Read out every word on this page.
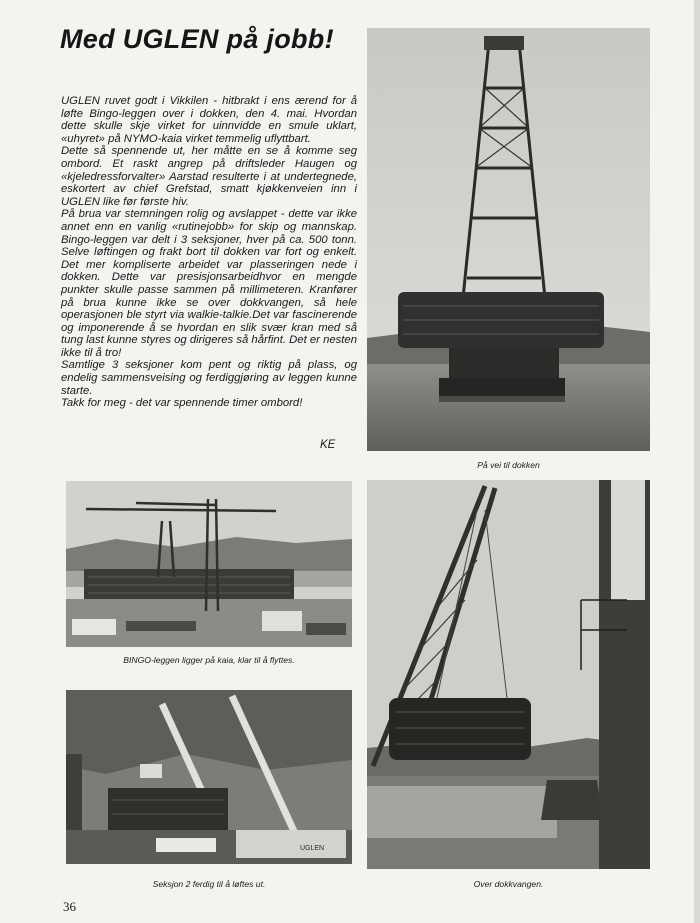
Med UGLEN på jobb!

UGLEN ruvet godt i Vikkilen - hitbrakt i ens ærend for å løfte Bingo-leggen over i dokken, den 4. mai. Hvordan dette skulle skje virket for uinnvidde en smule uklart, «uhyret» på NYMO-kaia virket temmelig uflyttbart.

Dette så spennende ut, her måtte en se å komme seg ombord. Et raskt angrep på driftsleder Haugen og «kjeledressforvalter» Aarstad resulterte i at undertegnede, eskortert av chief Grefstad, smatt kjøkkenveien inn i UGLEN like før første hiv.

På brua var stemningen rolig og avslappet - dette var ikke annet enn en vanlig «rutinejobb» for skip og mannskap. Bingo-leggen var delt i 3 seksjoner, hver på ca. 500 tonn. Selve løftingen og frakt bort til dokken var fort og enkelt. Det mer kompliserte arbeidet var plasseringen nede i dokken. Dette var presisjonsarbeidhvor en mengde punkter skulle passe sammen på millimeteren. Kranfører på brua kunne ikke se over dokkvangen, så hele operasjonen ble styrt via walkie-talkie.Det var fascinerende og imponerende å se hvordan en slik svær kran med så tung last kunne styres og dirigeres så hårfint. Det er nesten ikke til å tro!

Samtlige 3 seksjoner kom pent og riktig på plass, og endelig sammensveising og ferdiggjøring av leggen kunne starte.

Takk for meg - det var spennende timer ombord!

KE
På vei til dokken
BINGO-leggen ligger på kaia, klar til å flyttes.
UGLEN
Seksjon 2 ferdig til å løftes ut.	Over dokkvangen.
36
